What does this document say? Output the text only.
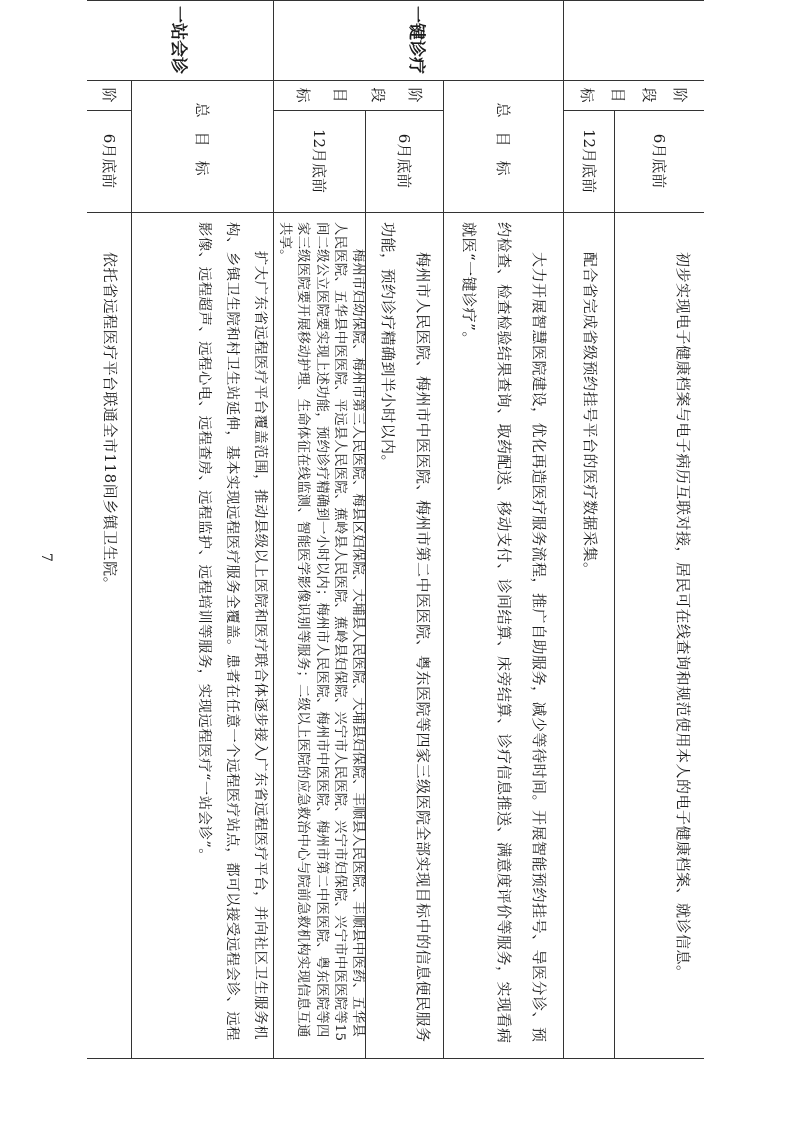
阶
段
目
标
6月底前

初步实现电子健康档案与电子病历互联对接，居民可在线查询和规范使用本人的电子健康档案、就诊信息。

12月底前

配合省完成省级预约挂号平台的医疗数据采集。

一键诊疗
总目标

大力开展智慧医院建设，优化再造医疗服务流程，推广自助服务，减少等待时间。开展智能预约挂号、导医分诊、预约检查、检查检验结果查询、取药配送、移动支付、诊间结算、床旁结算、诊疗信息推送、满意度评价等服务，实现看病就医“一键诊疗”。

阶
段
目
标
6月底前

梅州市人民医院、梅州市中医医院、梅州市第二中医医院、粤东医院等四家三级医院全部实现目标中的信息便民服务功能，预约诊疗精确到半小时以内。

12月底前

梅州市妇幼保院、梅州市第三人民医院、梅县区妇保院、大埔县人民医院、大埔县妇保院、丰顺县人民医院、丰顺县中医药、五华县人民医院、五华县中医医院、平远县人民医院、蕉岭县人民医院、蕉岭县妇保院、兴宁市人民医院、兴宁市妇保院、兴宁市中医医院等15间二级公立医院要实现上述功能，预约诊疗精确到一小时以内；梅州市人民医院、梅州市中医医院、梅州市第二中医医院、粤东医院等四家三级医院要开展移动护理、生命体征在线监测、智能医学影像识别等服务；二级以上医院的应急救治中心与院前急救机构实现信息互通共享。

一站会诊
总目标

扩大广东省远程医疗平台覆盖范围，推动县级以上医院和医疗联合体逐步接入广东省远程医疗平台，并向社区卫生服务机构、乡镇卫生院和村卫生站延伸，基本实现远程医疗服务全覆盖。患者在任意一个远程医疗站点，都可以接受远程会诊、远程影像、远程超声、远程心电、远程查房、远程监护、远程培训等服务，实现远程医疗“一站会诊”。

阶
6月底前

依托省远程医疗平台联通全市118间乡镇卫生院。

7
